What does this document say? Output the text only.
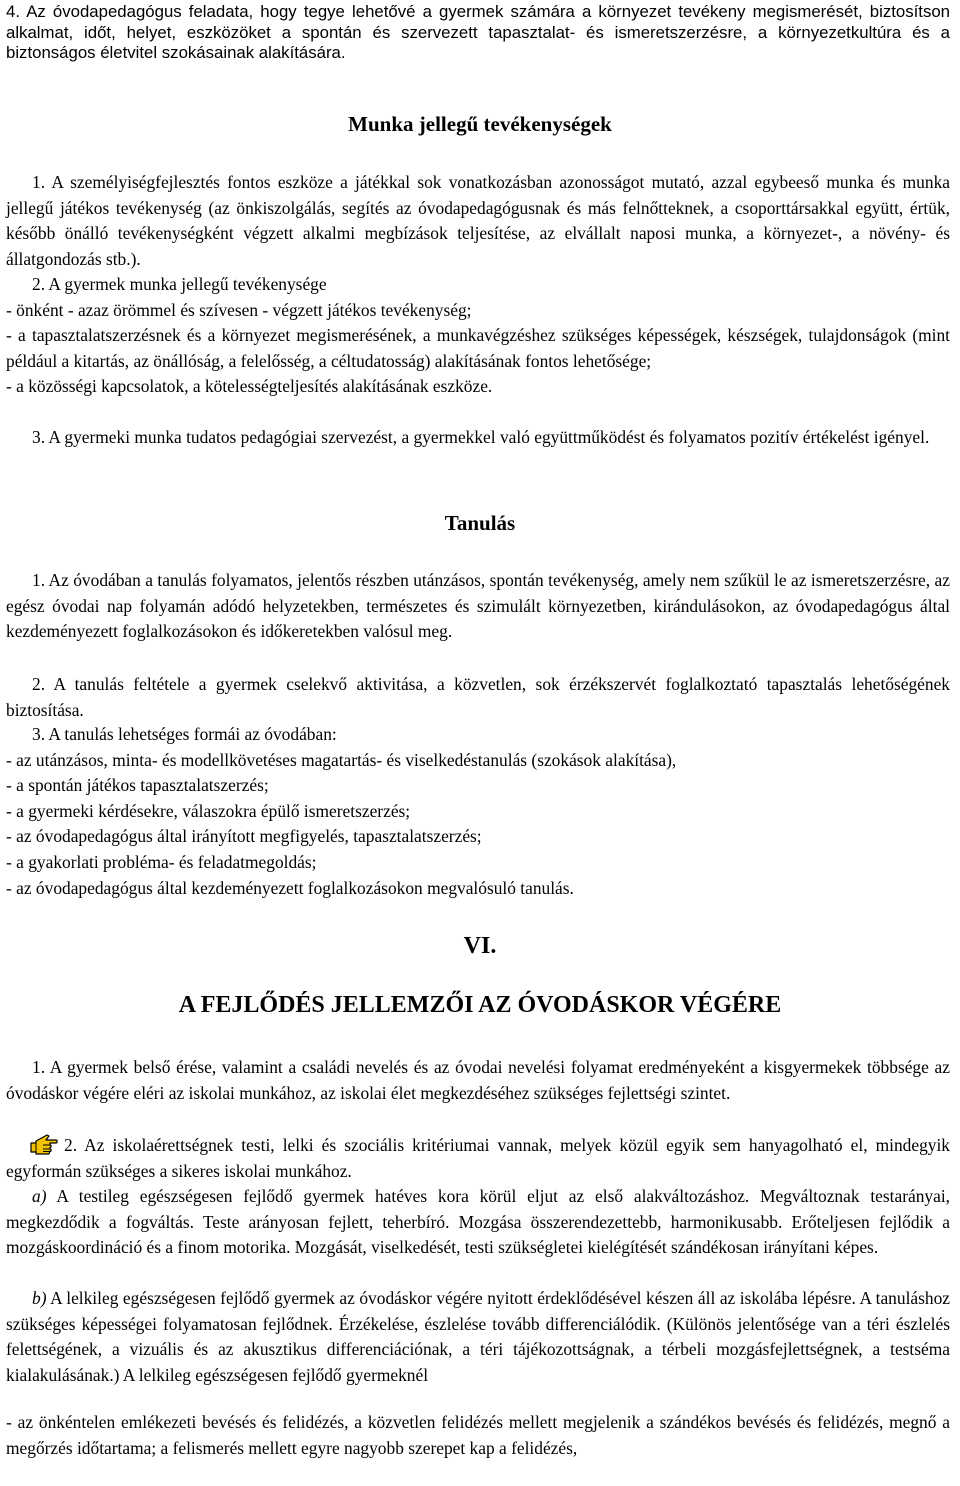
4. Az óvodapedagógus feladata, hogy tegye lehetővé a gyermek számára a környezet tevékeny megismerését, biztosítson alkalmat, időt, helyet, eszközöket a spontán és szervezett tapasztalat- és ismeretszerzésre, a környezetkultúra és a biztonságos életvitel szokásainak alakítására.

Munka jellegű tevékenységek

1. A személyiségfejlesztés fontos eszköze a játékkal sok vonatkozásban azonosságot mutató, azzal egybeeső munka és munka jellegű játékos tevékenység (az önkiszolgálás, segítés az óvodapedagógusnak és más felnőtteknek, a csoporttársakkal együtt, értük, később önálló tevékenységként végzett alkalmi megbízások teljesítése, az elvállalt naposi munka, a környezet-, a növény- és állatgondozás stb.).

2. A gyermek munka jellegű tevékenysége
- önként - azaz örömmel és szívesen - végzett játékos tevékenység;
- a tapasztalatszerzésnek és a környezet megismerésének, a munkavégzéshez szükséges képességek, készségek, tulajdonságok (mint például a kitartás, az önállóság, a felelősség, a céltudatosság) alakításának fontos lehetősége;
- a közösségi kapcsolatok, a kötelességteljesítés alakításának eszköze.

3. A gyermeki munka tudatos pedagógiai szervezést, a gyermekkel való együttműködést és folyamatos pozitív értékelést igényel.

Tanulás

1. Az óvodában a tanulás folyamatos, jelentős részben utánzásos, spontán tevékenység, amely nem szűkül le az ismeretszerzésre, az egész óvodai nap folyamán adódó helyzetekben, természetes és szimulált környezetben, kirándulásokon, az óvodapedagógus által kezdeményezett foglalkozásokon és időkeretekben valósul meg.

2. A tanulás feltétele a gyermek cselekvő aktivitása, a közvetlen, sok érzékszervét foglalkoztató tapasztalás lehetőségének biztosítása.

3. A tanulás lehetséges formái az óvodában:
- az utánzásos, minta- és modellkövetéses magatartás- és viselkedéstanulás (szokások alakítása),
- a spontán játékos tapasztalatszerzés;
- a gyermeki kérdésekre, válaszokra épülő ismeretszerzés;
- az óvodapedagógus által irányított megfigyelés, tapasztalatszerzés;
- a gyakorlati probléma- és feladatmegoldás;
- az óvodapedagógus által kezdeményezett foglalkozásokon megvalósuló tanulás.
VI.
A FEJLŐDÉS JELLEMZŐI AZ ÓVODÁSKOR VÉGÉRE

1. A gyermek belső érése, valamint a családi nevelés és az óvodai nevelési folyamat eredményeként a kisgyermekek többsége az óvodáskor végére eléri az iskolai munkához, az iskolai élet megkezdéséhez szükséges fejlettségi szintet.

2. Az iskolaérettségnek testi, lelki és szociális kritériumai vannak, melyek közül egyik sem hanyagolható el, mindegyik egyformán szükséges a sikeres iskolai munkához.

a) A testileg egészségesen fejlődő gyermek hatéves kora körül eljut az első alakváltozáshoz. Megváltoznak testarányai, megkezdődik a fogváltás. Teste arányosan fejlett, teherbíró. Mozgása összerendezettebb, harmonikusabb. Erőteljesen fejlődik a mozgáskoordináció és a finom motorika. Mozgását, viselkedését, testi szükségletei kielégítését szándékosan irányítani képes.

b) A lelkileg egészségesen fejlődő gyermek az óvodáskor végére nyitott érdeklődésével készen áll az iskolába lépésre. A tanuláshoz szükséges képességei folyamatosan fejlődnek. Érzékelése, észlelése tovább differenciálódik. (Különös jelentősége van a téri észlelés felettségének, a vizuális és az akusztikus differenciációnak, a téri tájékozottságnak, a térbeli mozgásfejlettségnek, a testséma kialakulásának.) A lelkileg egészségesen fejlődő gyermeknél

- az önkéntelen emlékezeti bevésés és felidézés, a közvetlen felidézés mellett megjelenik a szándékos bevésés és felidézés, megnő a megőrzés időtartama; a felismerés mellett egyre nagyobb szerepet kap a felidézés,
